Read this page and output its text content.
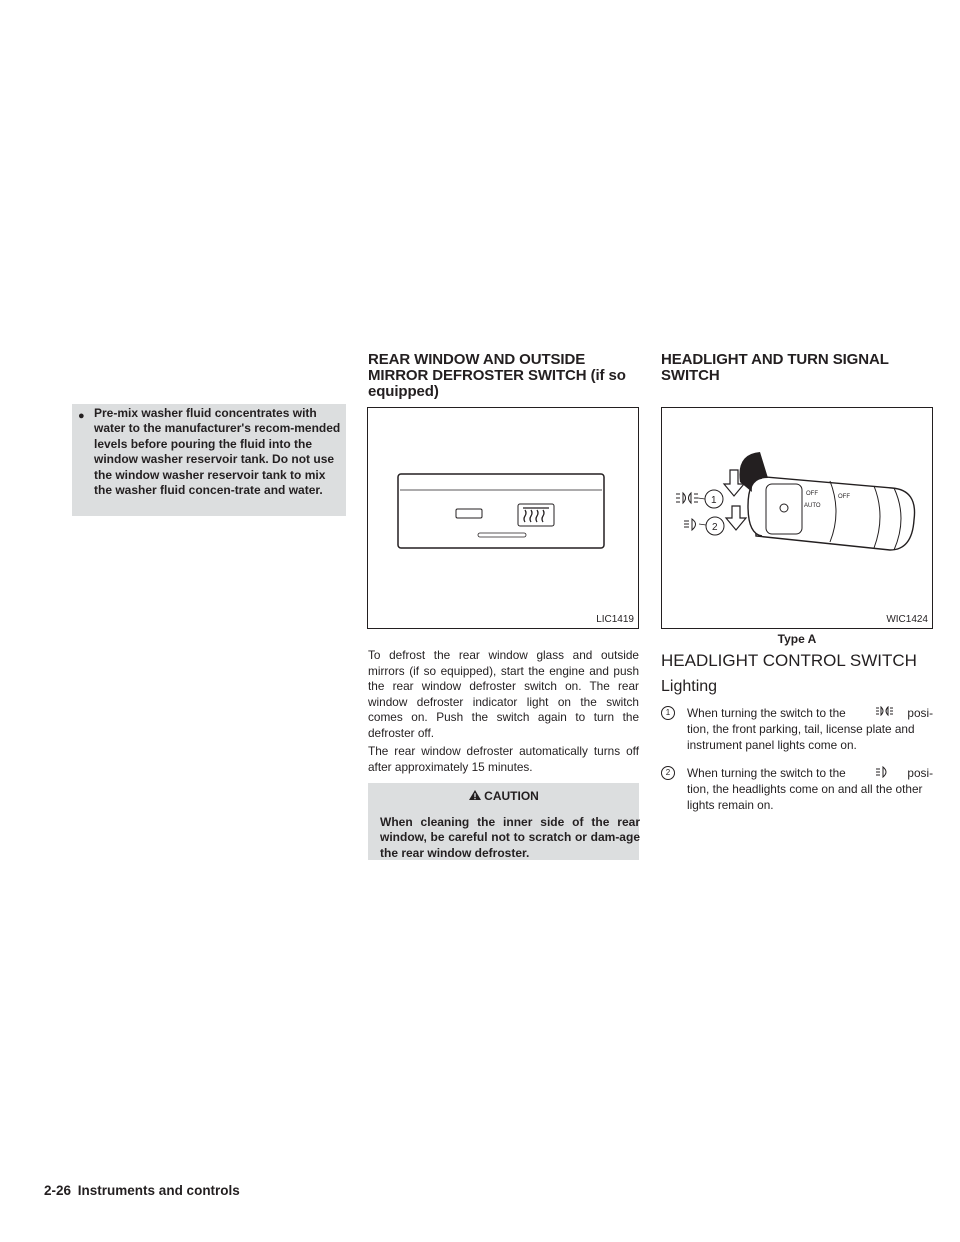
● Pre-mix washer fluid concentrates with water to the manufacturer's recom-mended levels before pouring the fluid into the window washer reservoir tank. Do not use the window washer reservoir tank to mix the washer fluid concen-trate and water.
REAR WINDOW AND OUTSIDE
MIRROR DEFROSTER SWITCH (if so
equipped)
LIC1419
To defrost the rear window glass and outside mirrors (if so equipped), start the engine and push the rear window defroster switch on. The rear window defroster indicator light on the switch comes on. Push the switch again to turn the defroster off.
The rear window defroster automatically turns off after approximately 15 minutes.
CAUTION
When cleaning the inner side of the rear window, be careful not to scratch or dam-age the rear window defroster.
HEADLIGHT AND TURN SIGNAL
SWITCH
OFF
AUTO
OFF
1
2
WIC1424
Type A
HEADLIGHT CONTROL SWITCH
Lighting
1	When turning the switch to the	posi-
tion, the front parking, tail, license plate and instrument panel lights come on.
2	When turning the switch to the	posi-
tion, the headlights come on and all the other lights remain on.
2-26 Instruments and controls
